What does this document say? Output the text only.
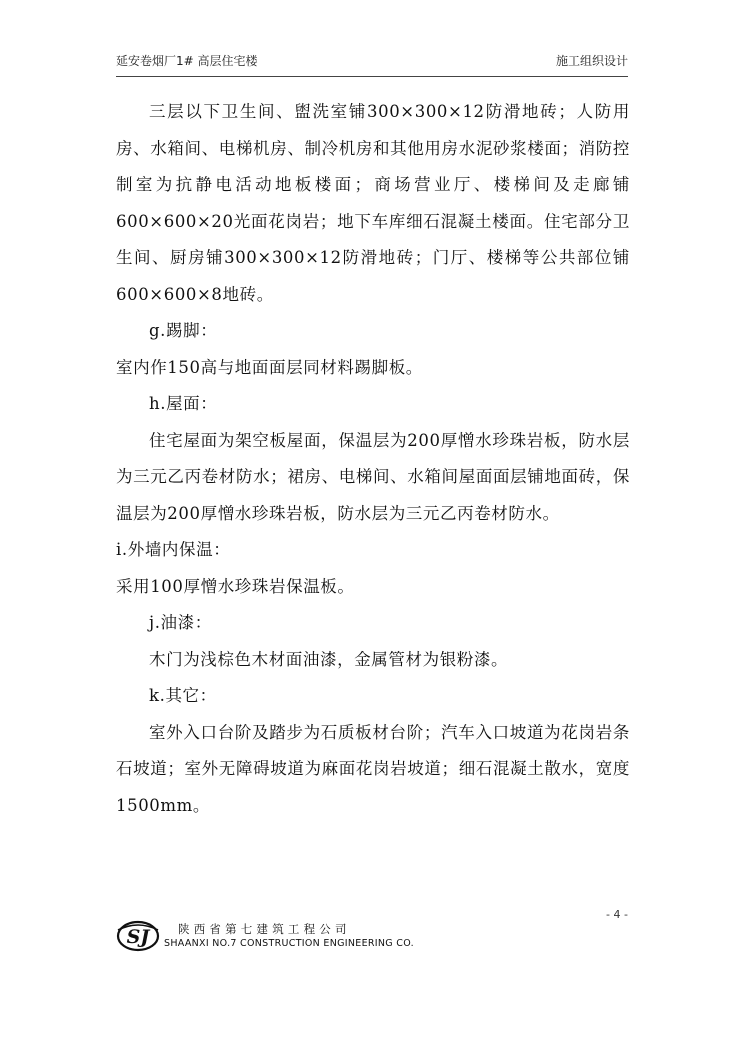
延安卷烟厂1# 高层住宅楼	施工组织设计

三层以下卫生间、盥洗室铺300×300×12防滑地砖；人防用房、水箱间、电梯机房、制冷机房和其他用房水泥砂浆楼面；消防控制室为抗静电活动地板楼面；商场营业厅、楼梯间及走廊铺600×600×20光面花岗岩；地下车库细石混凝土楼面。住宅部分卫生间、厨房铺300×300×12防滑地砖；门厅、楼梯等公共部位铺600×600×8地砖。

g.踢脚：

室内作150高与地面面层同材料踢脚板。

h.屋面：

住宅屋面为架空板屋面，保温层为200厚憎水珍珠岩板，防水层为三元乙丙卷材防水；裙房、电梯间、水箱间屋面面层铺地面砖，保温层为200厚憎水珍珠岩板，防水层为三元乙丙卷材防水。

i.外墙内保温：

采用100厚憎水珍珠岩保温板。

j.油漆：

木门为浅棕色木材面油漆，金属管材为银粉漆。

k.其它：

室外入口台阶及踏步为石质板材台阶；汽车入口坡道为花岗岩条石坡道；室外无障碍坡道为麻面花岗岩坡道；细石混凝土散水，宽度1500mm。

- 4 -
SJ 陕西省第七建筑工程公司
SHAANXI NO.7 CONSTRUCTION ENGINEERING CO.
